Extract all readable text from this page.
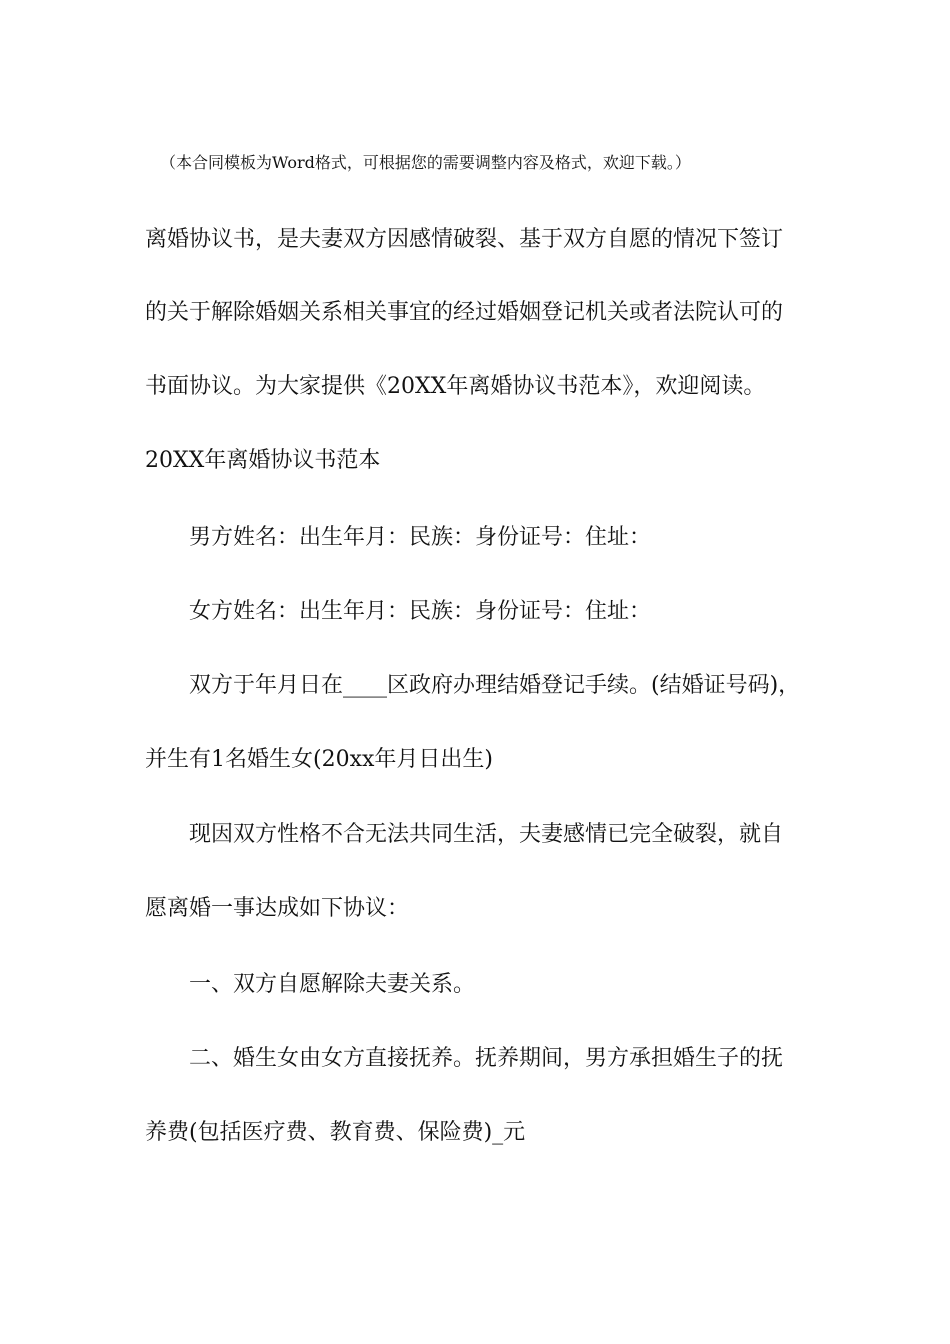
（本合同模板为Word格式，可根据您的需要调整内容及格式，欢迎下载。）
离婚协议书，是夫妻双方因感情破裂、基于双方自愿的情况下签订
的关于解除婚姻关系相关事宜的经过婚姻登记机关或者法院认可的
书面协议。为大家提供《20XX年离婚协议书范本》，欢迎阅读。
20XX年离婚协议书范本
男方姓名：出生年月：民族：身份证号：住址：
女方姓名：出生年月：民族：身份证号：住址：
双方于年月日在____区政府办理结婚登记手续。(结婚证号码)，
并生有1名婚生女(20xx年月日出生)
现因双方性格不合无法共同生活，夫妻感情已完全破裂，就自
愿离婚一事达成如下协议：
一、双方自愿解除夫妻关系。
二、婚生女由女方直接抚养。抚养期间，男方承担婚生子的抚
养费(包括医疗费、教育费、保险费)_元
